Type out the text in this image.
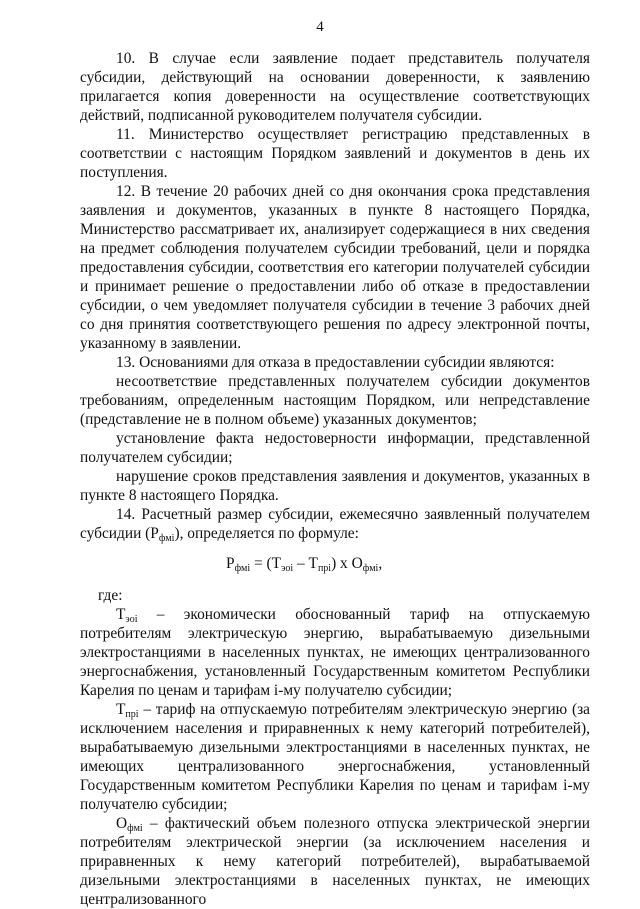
4

10. В случае если заявление подает представитель получателя субсидии, действующий на основании доверенности, к заявлению прилагается копия доверенности на осуществление соответствующих действий, подписанной руководителем получателя субсидии.

11. Министерство осуществляет регистрацию представленных в соответствии с настоящим Порядком заявлений и документов в день их поступления.

12. В течение 20 рабочих дней со дня окончания срока представления заявления и документов, указанных в пункте 8 настоящего Порядка, Министерство рассматривает их, анализирует содержащиеся в них сведения на предмет соблюдения получателем субсидии требований, цели и порядка предоставления субсидии, соответствия его категории получателей субсидии и принимает решение о предоставлении либо об отказе в предоставлении субсидии, о чем уведомляет получателя субсидии в течение 3 рабочих дней со дня принятия соответствующего решения по адресу электронной почты, указанному в заявлении.

13. Основаниями для отказа в предоставлении субсидии являются:

несоответствие представленных получателем субсидии документов требованиям, определенным настоящим Порядком, или непредставление (представление не в полном объеме) указанных документов;

установление факта недостоверности информации, представленной получателем субсидии;

нарушение сроков представления заявления и документов, указанных в пункте 8 настоящего Порядка.

14. Расчетный размер субсидии, ежемесячно заявленный получателем субсидии $(Р_{фмi})$, определяется по формуле:

$Р_{фмi} = (Т_{эоi} - Т_{прi})$ х $О_{фмi}$,

где:

$Т_{эоi}$ – экономически обоснованный тариф на отпускаемую потребителям электрическую энергию, вырабатываемую дизельными электростанциями в населенных пунктах, не имеющих централизованного энергоснабжения, установленный Государственным комитетом Республики Карелия по ценам и тарифам i-му получателю субсидии;

$Т_{прi}$ – тариф на отпускаемую потребителям электрическую энергию (за исключением населения и приравненных к нему категорий потребителей), вырабатываемую дизельными электростанциями в населенных пунктах, не имеющих централизованного энергоснабжения, установленный Государственным комитетом Республики Карелия по ценам и тарифам i-му получателю субсидии;

$О_{фмi}$ – фактический объем полезного отпуска электрической энергии потребителям электрической энергии (за исключением населения и приравненных к нему категорий потребителей), вырабатываемой дизельными электростанциями в населенных пунктах, не имеющих централизованного
